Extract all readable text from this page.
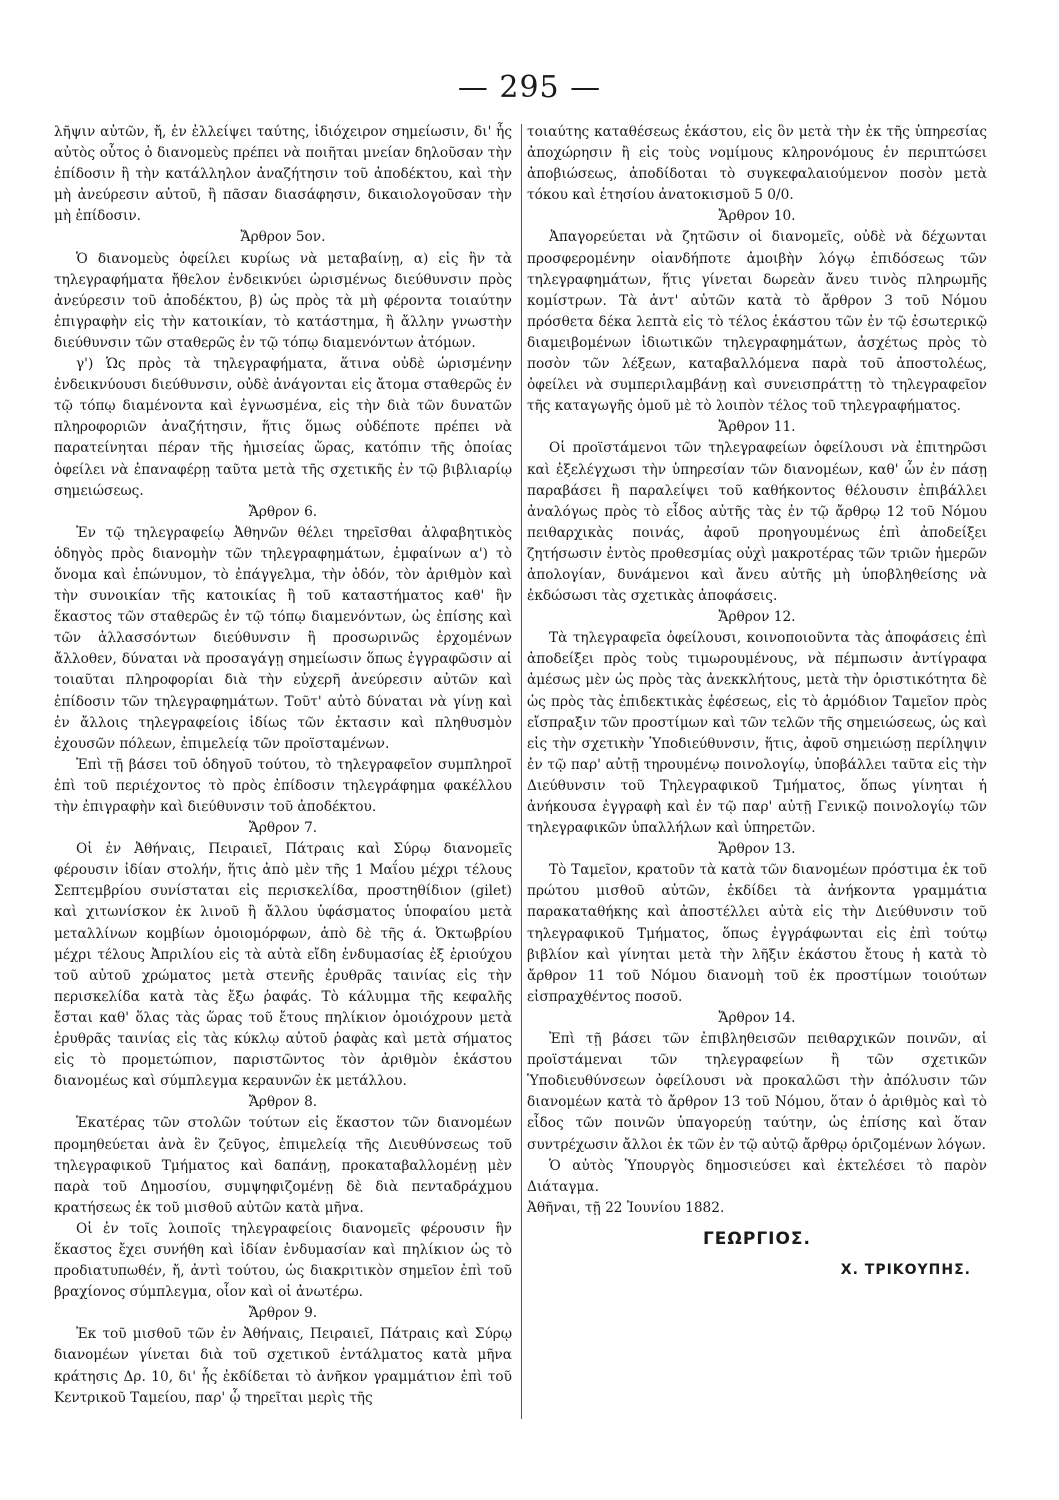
— 295 —

λῆψιν αὐτῶν, ἤ, ἐν ἐλλείψει ταύτης, ἰδιόχειρον σημείωσιν, δι' ἧς αὐτὸς οὗτος ὁ διανομεὺς πρέπει νὰ ποιῆται μνείαν δηλοῦσαν τὴν ἐπίδοσιν ἢ τὴν κατάλληλον ἀναζήτησιν τοῦ ἀποδέκτου, καὶ τὴν μὴ ἀνεύρεσιν αὐτοῦ, ἢ πᾶσαν διασάφησιν, δικαιολογοῦσαν τὴν μὴ ἐπίδοσιν.

Ἄρθρον 5ον.

Ὁ διανομεὺς ὀφείλει κυρίως νὰ μεταβαίνῃ, α) εἰς ἣν τὰ τηλεγραφήματα ἤθελον ἐνδεικνύει ὡρισμένως διεύθυνσιν πρὸς ἀνεύρεσιν τοῦ ἀποδέκτου, β) ὡς πρὸς τὰ μὴ φέροντα τοιαύτην ἐπιγραφὴν εἰς τὴν κατοικίαν, τὸ κατάστημα, ἢ ἄλλην γνωστὴν διεύθυνσιν τῶν σταθερῶς ἐν τῷ τόπῳ διαμενόντων ἀτόμων.

γ') Ὡς πρὸς τὰ τηλεγραφήματα, ἅτινα οὐδὲ ὡρισμένην ἐνδεικνύουσι διεύθυνσιν, οὐδὲ ἀνάγονται εἰς ἄτομα σταθερῶς ἐν τῷ τόπῳ διαμένοντα καὶ ἐγνωσμένα, εἰς τὴν διὰ τῶν δυνατῶν πληροφοριῶν ἀναζήτησιν, ἥτις ὅμως οὐδέποτε πρέπει νὰ παρατείνηται πέραν τῆς ἡμισείας ὥρας, κατόπιν τῆς ὁποίας ὀφείλει νὰ ἐπαναφέρῃ ταῦτα μετὰ τῆς σχετικῆς ἐν τῷ βιβλιαρίῳ σημειώσεως.

Ἄρθρον 6.

Ἐν τῷ τηλεγραφείῳ Ἀθηνῶν θέλει τηρεῖσθαι ἀλφαβητικὸς ὁδηγὸς πρὸς διανομὴν τῶν τηλεγραφημάτων, ἐμφαίνων α') τὸ ὄνομα καὶ ἐπώνυμον, τὸ ἐπάγγελμα, τὴν ὁδόν, τὸν ἀριθμὸν καὶ τὴν συνοικίαν τῆς κατοικίας ἢ τοῦ καταστήματος καθ' ἣν ἕκαστος τῶν σταθερῶς ἐν τῷ τόπῳ διαμενόντων, ὡς ἐπίσης καὶ τῶν ἀλλασσόντων διεύθυνσιν ἢ προσωρινῶς ἐρχομένων ἄλλοθεν, δύναται νὰ προσαγάγῃ σημείωσιν ὅπως ἐγγραφῶσιν αἱ τοιαῦται πληροφορίαι διὰ τὴν εὐχερῆ ἀνεύρεσιν αὐτῶν καὶ ἐπίδοσιν τῶν τηλεγραφημάτων. Τοῦτ' αὐτὸ δύναται νὰ γίνῃ καὶ ἐν ἄλλοις τηλεγραφείοις ἰδίως τῶν ἐκτασιν καὶ πληθυσμὸν ἐχουσῶν πόλεων, ἐπιμελείᾳ τῶν προϊσταμένων.

Ἐπὶ τῇ βάσει τοῦ ὁδηγοῦ τούτου, τὸ τηλεγραφεῖον συμπληροῖ ἐπὶ τοῦ περιέχοντος τὸ πρὸς ἐπίδοσιν τηλεγράφημα φακέλλου τὴν ἐπιγραφὴν καὶ διεύθυνσιν τοῦ ἀποδέκτου.

Ἄρθρον 7.

Οἱ ἐν Ἀθήναις, Πειραιεῖ, Πάτραις καὶ Σύρῳ διανομεῖς φέρουσιν ἰδίαν στολήν, ἥτις ἀπὸ μὲν τῆς 1 Μαΐου μέχρι τέλους Σεπτεμβρίου συνίσταται εἰς περισκελίδα, προστηθίδιον (gilet) καὶ χιτωνίσκον ἐκ λινοῦ ἢ ἄλλου ὑφάσματος ὑποφαίου μετὰ μεταλλίνων κομβίων ὁμοιομόρφων, ἀπὸ δὲ τῆς ά. Ὀκτωβρίου μέχρι τέλους Ἀπριλίου εἰς τὰ αὐτὰ εἴδη ἐνδυμασίας ἐξ ἐριούχου τοῦ αὐτοῦ χρώματος μετὰ στενῆς ἐρυθρᾶς ταινίας εἰς τὴν περισκελίδα κατὰ τὰς ἔξω ῥαφάς. Τὸ κάλυμμα τῆς κεφαλῆς ἔσται καθ' ὅλας τὰς ὥρας τοῦ ἔτους πηλίκιον ὁμοιόχρουν μετὰ ἐρυθρᾶς ταινίας εἰς τὰς κύκλῳ αὐτοῦ ῥαφὰς καὶ μετὰ σήματος εἰς τὸ προμετώπιον, παριστῶντος τὸν ἀριθμὸν ἑκάστου διανομέως καὶ σύμπλεγμα κεραυνῶν ἐκ μετάλλου.

Ἄρθρον 8.

Ἑκατέρας τῶν στολῶν τούτων εἰς ἕκαστον τῶν διανομέων προμηθεύεται ἀνὰ ἓν ζεῦγος, ἐπιμελείᾳ τῆς Διευθύνσεως τοῦ τηλεγραφικοῦ Τμήματος καὶ δαπάνῃ, προκαταβαλλομένῃ μὲν παρὰ τοῦ Δημοσίου, συμψηφιζομένῃ δὲ διὰ πενταδράχμου κρατήσεως ἐκ τοῦ μισθοῦ αὐτῶν κατὰ μῆνα.

Οἱ ἐν τοῖς λοιποῖς τηλεγραφείοις διανομεῖς φέρουσιν ἣν ἕκαστος ἔχει συνήθη καὶ ἰδίαν ἐνδυμασίαν καὶ πηλίκιον ὡς τὸ προδιατυπωθέν, ἤ, ἀντὶ τούτου, ὡς διακριτικὸν σημεῖον ἐπὶ τοῦ βραχίονος σύμπλεγμα, οἷον καὶ οἱ ἀνωτέρω.

Ἄρθρον 9.

Ἐκ τοῦ μισθοῦ τῶν ἐν Ἀθήναις, Πειραιεῖ, Πάτραις καὶ Σύρῳ διανομέων γίνεται διὰ τοῦ σχετικοῦ ἐντάλματος κατὰ μῆνα κράτησις Δρ. 10, δι' ἧς ἐκδίδεται τὸ ἀνῆκον γραμμάτιον ἐπὶ τοῦ Κεντρικοῦ Ταμείου, παρ' ᾧ τηρεῖται μερὶς τῆς

τοιαύτης καταθέσεως ἑκάστου, εἰς ὃν μετὰ τὴν ἐκ τῆς ὑπηρεσίας ἀποχώρησιν ἢ εἰς τοὺς νομίμους κληρονόμους ἐν περιπτώσει ἀποβιώσεως, ἀποδίδοται τὸ συγκεφαλαιούμενον ποσὸν μετὰ τόκου καὶ ἐτησίου ἀνατοκισμοῦ 5 0/0.

Ἄρθρον 10.

Ἀπαγορεύεται νὰ ζητῶσιν οἱ διανομεῖς, οὐδὲ νὰ δέχωνται προσφερομένην οἱανδήποτε ἀμοιβὴν λόγῳ ἐπιδόσεως τῶν τηλεγραφημάτων, ἥτις γίνεται δωρεὰν ἄνευ τινὸς πληρωμῆς κομίστρων. Τὰ ἀντ' αὐτῶν κατὰ τὸ ἄρθρον 3 τοῦ Νόμου πρόσθετα δέκα λεπτὰ εἰς τὸ τέλος ἑκάστου τῶν ἐν τῷ ἐσωτερικῷ διαμειβομένων ἰδιωτικῶν τηλεγραφημάτων, ἀσχέτως πρὸς τὸ ποσὸν τῶν λέξεων, καταβαλλόμενα παρὰ τοῦ ἀποστολέως, ὀφείλει νὰ συμπεριλαμβάνῃ καὶ συνεισπράττῃ τὸ τηλεγραφεῖον τῆς καταγωγῆς ὁμοῦ μὲ τὸ λοιπὸν τέλος τοῦ τηλεγραφήματος.

Ἄρθρον 11.

Οἱ προϊστάμενοι τῶν τηλεγραφείων ὀφείλουσι νὰ ἐπιτηρῶσι καὶ ἐξελέγχωσι τὴν ὑπηρεσίαν τῶν διανομέων, καθ' ὧν ἐν πάσῃ παραβάσει ἢ παραλείψει τοῦ καθήκοντος θέλουσιν ἐπιβάλλει ἀναλόγως πρὸς τὸ εἶδος αὐτῆς τὰς ἐν τῷ ἄρθρῳ 12 τοῦ Νόμου πειθαρχικὰς ποινάς, ἀφοῦ προηγουμένως ἐπὶ ἀποδείξει ζητήσωσιν ἐντὸς προθεσμίας οὐχὶ μακροτέρας τῶν τριῶν ἡμερῶν ἀπολογίαν, δυνάμενοι καὶ ἄνευ αὐτῆς μὴ ὑποβληθείσης νὰ ἐκδώσωσι τὰς σχετικὰς ἀποφάσεις.

Ἄρθρον 12.

Τὰ τηλεγραφεῖα ὀφείλουσι, κοινοποιοῦντα τὰς ἀποφάσεις ἐπὶ ἀποδείξει πρὸς τοὺς τιμωρουμένους, νὰ πέμπωσιν ἀντίγραφα ἀμέσως μὲν ὡς πρὸς τὰς ἀνεκκλήτους, μετὰ τὴν ὁριστικότητα δὲ ὡς πρὸς τὰς ἐπιδεκτικὰς ἐφέσεως, εἰς τὸ ἁρμόδιον Ταμεῖον πρὸς εἴσπραξιν τῶν προστίμων καὶ τῶν τελῶν τῆς σημειώσεως, ὡς καὶ εἰς τὴν σχετικὴν Ὑποδιεύθυνσιν, ἥτις, ἀφοῦ σημειώσῃ περίληψιν ἐν τῷ παρ' αὐτῇ τηρουμένῳ ποινολογίῳ, ὑποβάλλει ταῦτα εἰς τὴν Διεύθυνσιν τοῦ Τηλεγραφικοῦ Τμήματος, ὅπως γίνηται ἡ ἀνήκουσα ἐγγραφὴ καὶ ἐν τῷ παρ' αὐτῇ Γενικῷ ποινολογίῳ τῶν τηλεγραφικῶν ὑπαλλήλων καὶ ὑπηρετῶν.

Ἄρθρον 13.

Τὸ Ταμεῖον, κρατοῦν τὰ κατὰ τῶν διανομέων πρόστιμα ἐκ τοῦ πρώτου μισθοῦ αὐτῶν, ἐκδίδει τὰ ἀνήκοντα γραμμάτια παρακαταθήκης καὶ ἀποστέλλει αὐτὰ εἰς τὴν Διεύθυνσιν τοῦ τηλεγραφικοῦ Τμήματος, ὅπως ἐγγράφωνται εἰς ἐπὶ τούτῳ βιβλίον καὶ γίνηται μετὰ τὴν λῆξιν ἑκάστου ἔτους ἡ κατὰ τὸ ἄρθρον 11 τοῦ Νόμου διανομὴ τοῦ ἐκ προστίμων τοιούτων εἰσπραχθέντος ποσοῦ.

Ἄρθρον 14.

Ἐπὶ τῇ βάσει τῶν ἐπιβληθεισῶν πειθαρχικῶν ποινῶν, αἱ προϊστάμεναι τῶν τηλεγραφείων ἢ τῶν σχετικῶν Ὑποδιευθύνσεων ὀφείλουσι νὰ προκαλῶσι τὴν ἀπόλυσιν τῶν διανομέων κατὰ τὸ ἄρθρον 13 τοῦ Νόμου, ὅταν ὁ ἀριθμὸς καὶ τὸ εἶδος τῶν ποινῶν ὑπαγορεύῃ ταύτην, ὡς ἐπίσης καὶ ὅταν συντρέχωσιν ἄλλοι ἐκ τῶν ἐν τῷ αὐτῷ ἄρθρῳ ὁριζομένων λόγων.

Ὁ αὐτὸς Ὑπουργὸς δημοσιεύσει καὶ ἐκτελέσει τὸ παρὸν Διάταγμα.

Ἀθῆναι, τῇ 22 Ἰουνίου 1882.

ΓΕΩΡΓΙΟΣ.
Χ. ΤΡΙΚΟΥΠΗΣ.
